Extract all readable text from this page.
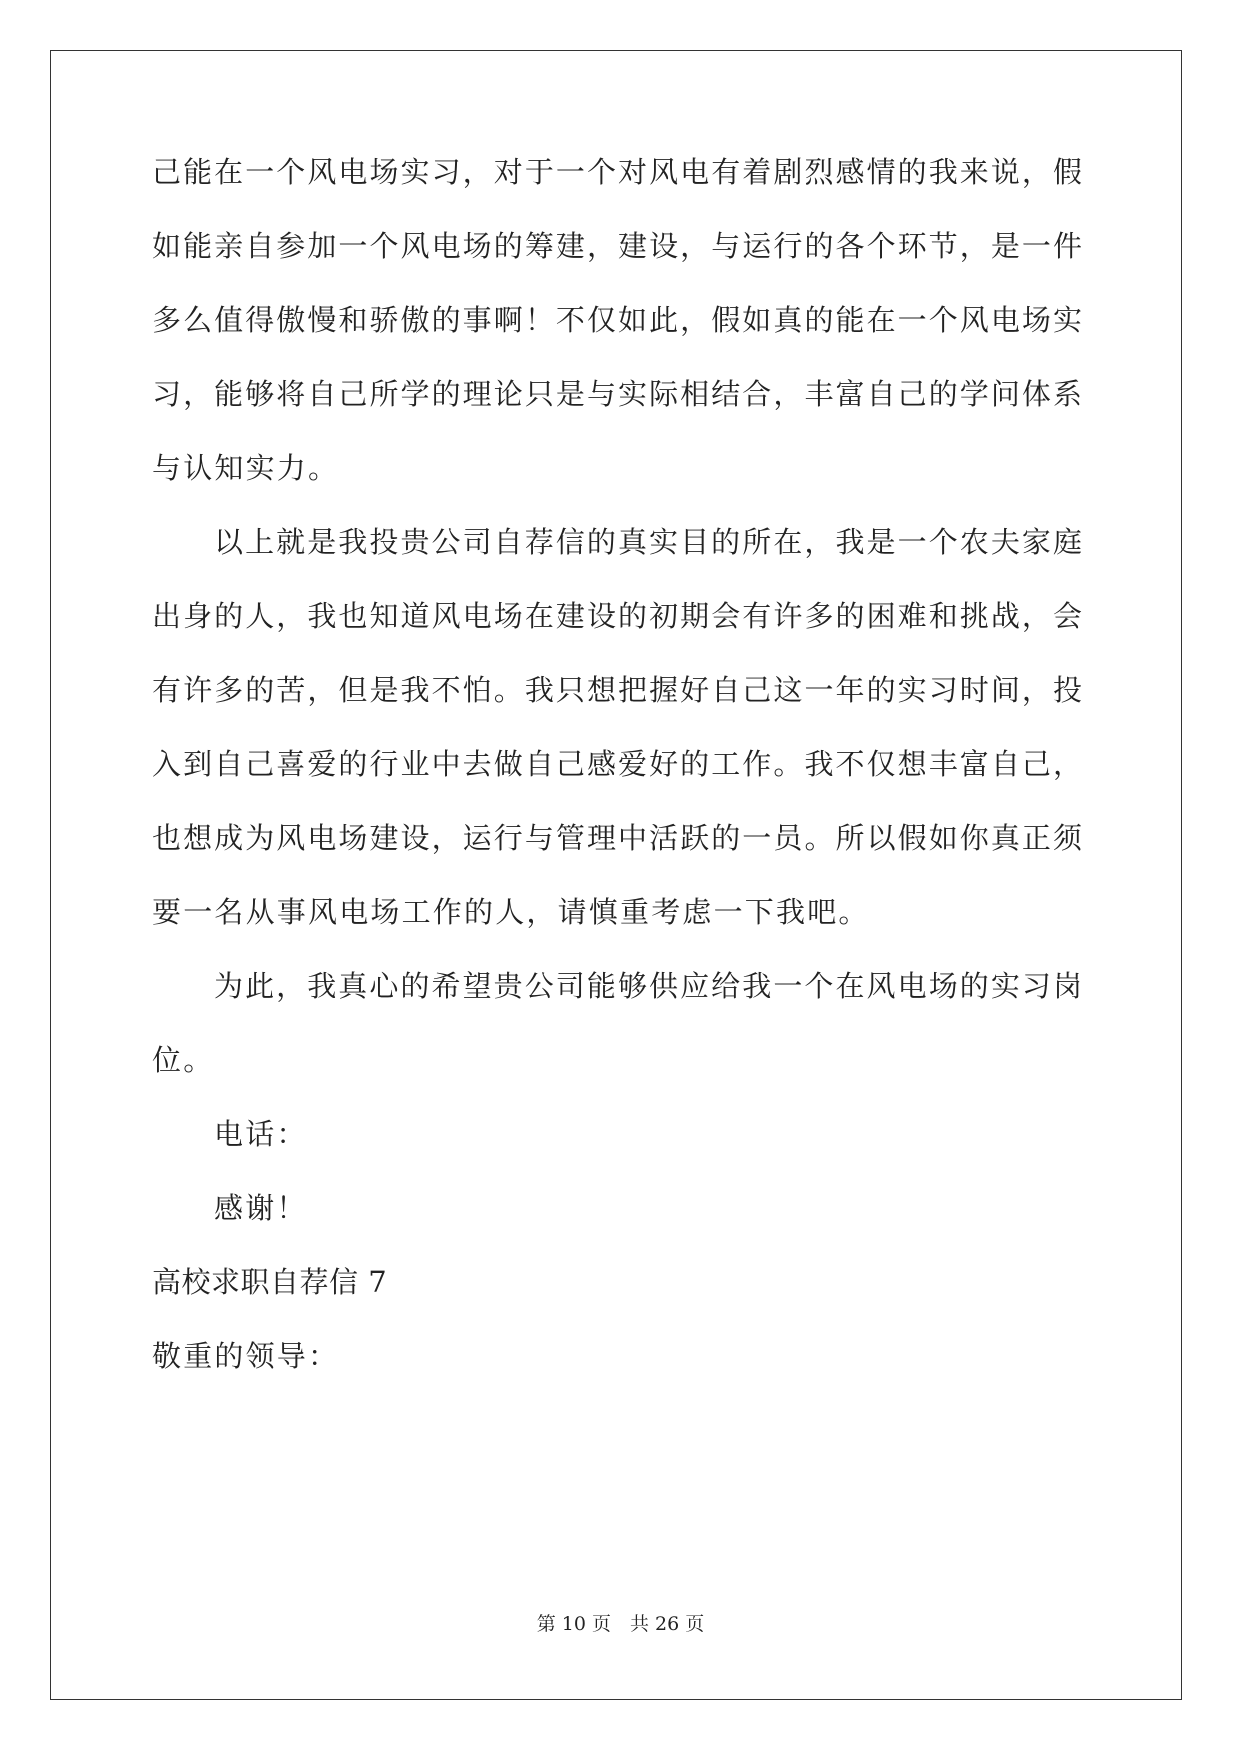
己能在一个风电场实习，对于一个对风电有着剧烈感情的我来说，假
如能亲自参加一个风电场的筹建，建设，与运行的各个环节，是一件
多么值得傲慢和骄傲的事啊！不仅如此，假如真的能在一个风电场实
习，能够将自己所学的理论只是与实际相结合，丰富自己的学问体系
与认知实力。
以上就是我投贵公司自荐信的真实目的所在，我是一个农夫家庭
出身的人，我也知道风电场在建设的初期会有许多的困难和挑战，会
有许多的苦，但是我不怕。我只想把握好自己这一年的实习时间，投
入到自己喜爱的行业中去做自己感爱好的工作。我不仅想丰富自己，
也想成为风电场建设，运行与管理中活跃的一员。所以假如你真正须
要一名从事风电场工作的人，请慎重考虑一下我吧。
为此，我真心的希望贵公司能够供应给我一个在风电场的实习岗
位。
电话：
感谢！
高校求职自荐信 7
敬重的领导：
第 10 页　共 26 页
